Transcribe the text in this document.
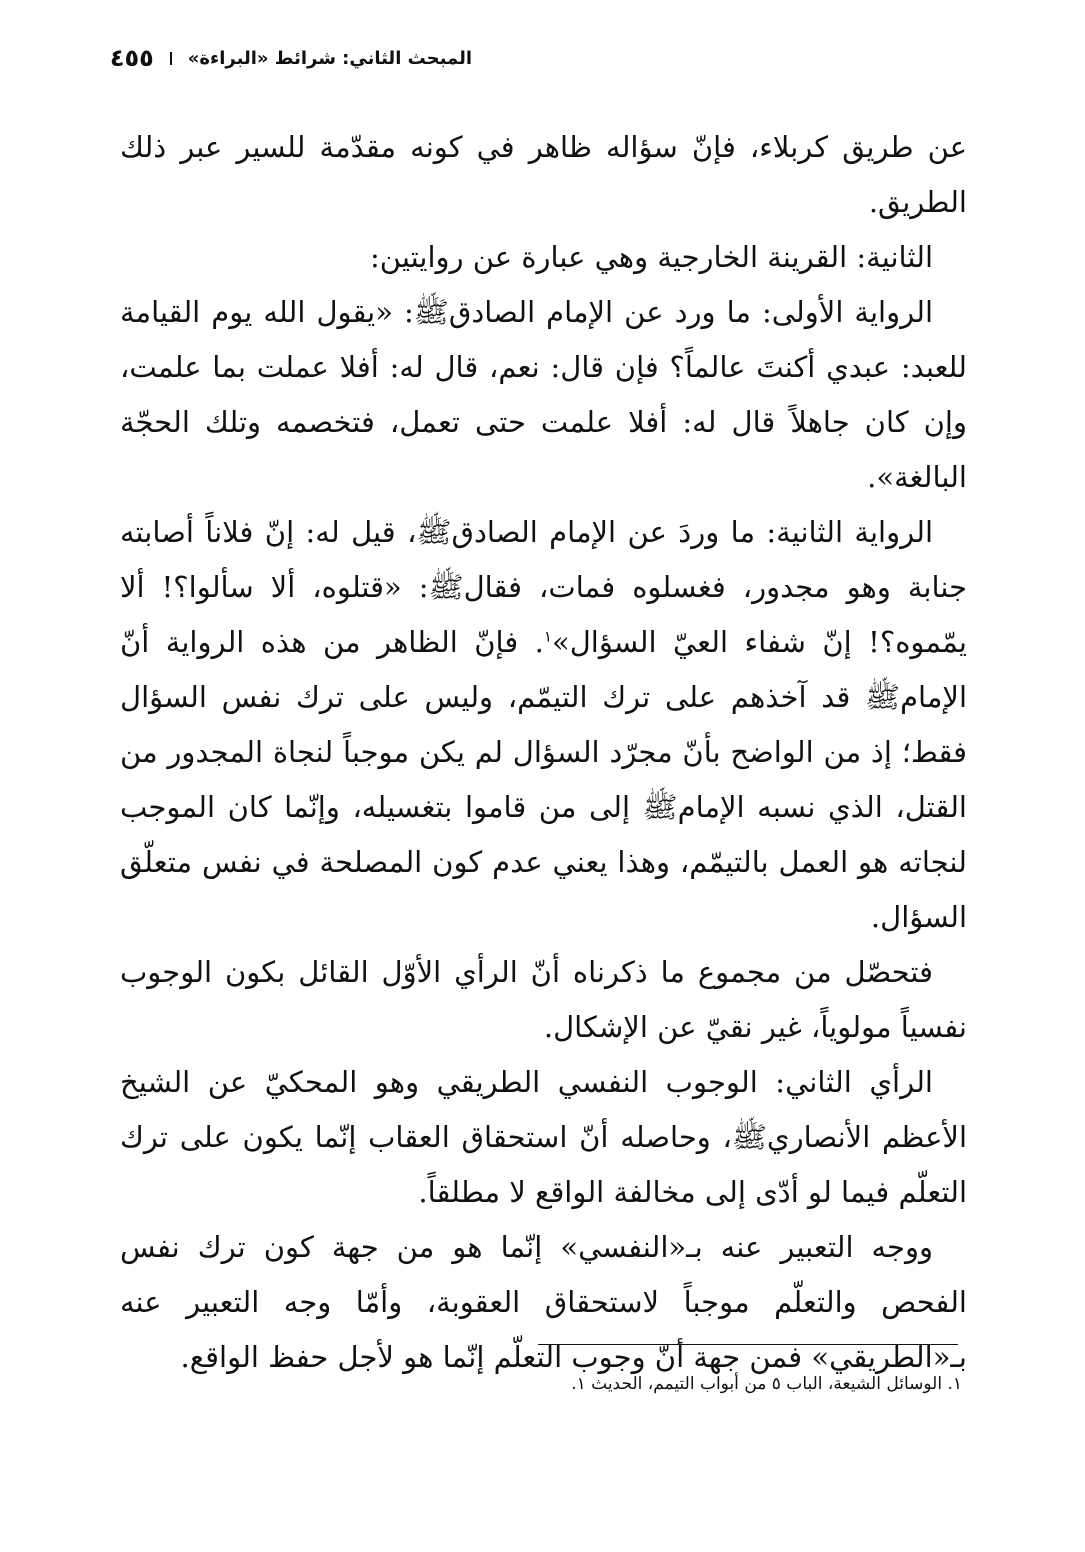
المبحث الثاني: شرائط «البراءة»
٤٥٥

عن طريق كربلاء، فإنّ سؤاله ظاهر في كونه مقدّمة للسير عبر ذلك الطريق.

الثانية: القرينة الخارجية وهي عبارة عن روايتين:

الرواية الأولى: ما ورد عن الإمام الصادقﷺ: «يقول الله يوم القيامة للعبد: عبدي أكنتَ عالماً؟ فإن قال: نعم، قال له: أفلا عملت بما علمت، وإن كان جاهلاً قال له: أفلا علمت حتى تعمل، فتخصمه وتلك الحجّة البالغة».

الرواية الثانية: ما وردَ عن الإمام الصادقﷺ، قيل له: إنّ فلاناً أصابته جنابة وهو مجدور، فغسلوه فمات، فقالﷺ: «قتلوه، ألا سألوا؟! ألا يمّموه؟! إنّ شفاء العيّ السؤال»$^١$. فإنّ الظاهر من هذه الرواية أنّ الإمامﷺ قد آخذهم على ترك التيمّم، وليس على ترك نفس السؤال فقط؛ إذ من الواضح بأنّ مجرّد السؤال لم يكن موجباً لنجاة المجدور من القتل، الذي نسبه الإمامﷺ إلى من قاموا بتغسيله، وإنّما كان الموجب لنجاته هو العمل بالتيمّم، وهذا يعني عدم كون المصلحة في نفس متعلّق السؤال.

فتحصّل من مجموع ما ذكرناه أنّ الرأي الأوّل القائل بكون الوجوب نفسياً مولوياً، غير نقيّ عن الإشكال.

الرأي الثاني: الوجوب النفسي الطريقي وهو المحكيّ عن الشيخ الأعظم الأنصاريﷺ، وحاصله أنّ استحقاق العقاب إنّما يكون على ترك التعلّم فيما لو أدّى إلى مخالفة الواقع لا مطلقاً.

ووجه التعبير عنه بـ«النفسي» إنّما هو من جهة كون ترك نفس الفحص والتعلّم موجباً لاستحقاق العقوبة، وأمّا وجه التعبير عنه بـ«الطريقي» فمن جهة أنّ وجوب التعلّم إنّما هو لأجل حفظ الواقع.

١. الوسائل الشيعة، الباب ٥ من أبواب التيمم، الحديث ١.
